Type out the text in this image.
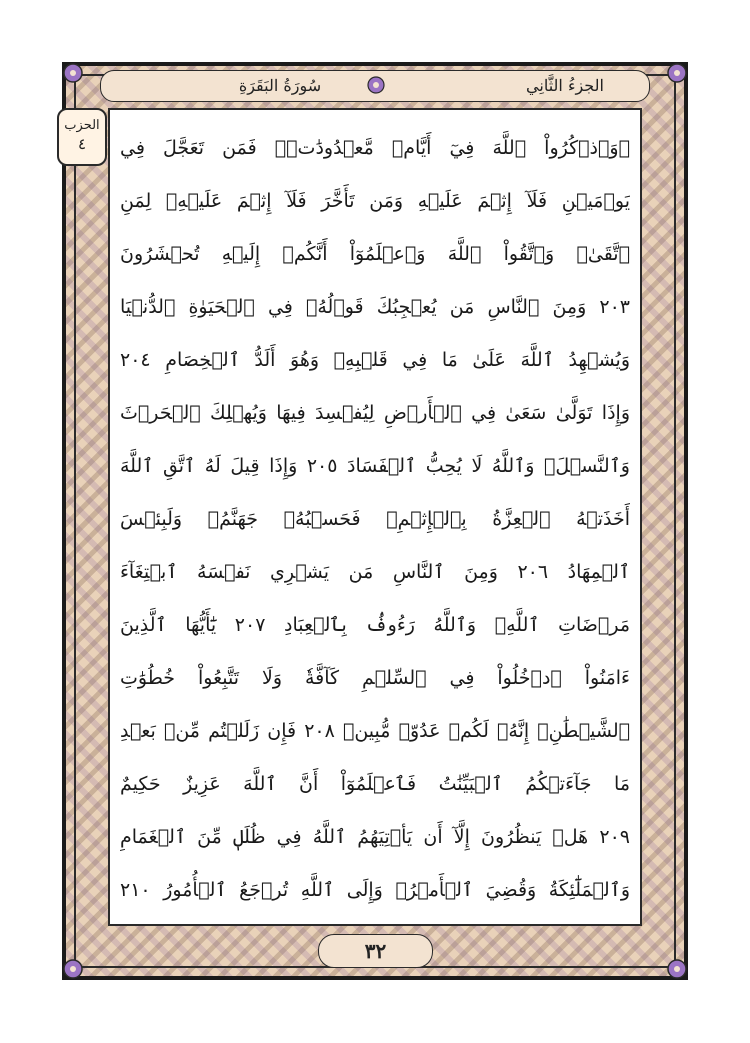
الجزءُ الثَّانِي
سُورَةُ البَقَرَةِ
الحزب
٤	۞وَٱذۡكُرُواْ ٱللَّهَ فِيٓ أَيَّامٖ مَّعۡدُودَٰتٖۚ فَمَن تَعَجَّلَ فِي
يَوۡمَيۡنِ فَلَآ إِثۡمَ عَلَيۡهِ وَمَن تَأَخَّرَ فَلَآ إِثۡمَ عَلَيۡهِۖ لِمَنِ
ٱتَّقَىٰۗ وَٱتَّقُواْ ٱللَّهَ وَٱعۡلَمُوٓاْ أَنَّكُمۡ إِلَيۡهِ تُحۡشَرُونَ
٢٠٣ وَمِنَ ٱلنَّاسِ مَن يُعۡجِبُكَ قَوۡلُهُۥ فِي ٱلۡحَيَوٰةِ ٱلدُّنۡيَا
وَيُشۡهِدُ ٱللَّهَ عَلَىٰ مَا فِي قَلۡبِهِۦ وَهُوَ أَلَدُّ ٱلۡخِصَامِ ٢٠٤
وَإِذَا تَوَلَّىٰ سَعَىٰ فِي ٱلۡأَرۡضِ لِيُفۡسِدَ فِيهَا وَيُهۡلِكَ ٱلۡحَرۡثَ
وَٱلنَّسۡلَۚ وَٱللَّهُ لَا يُحِبُّ ٱلۡفَسَادَ ٢٠٥ وَإِذَا قِيلَ لَهُ ٱتَّقِ ٱللَّهَ
أَخَذَتۡهُ ٱلۡعِزَّةُ بِٱلۡإِثۡمِۚ فَحَسۡبُهُۥ جَهَنَّمُۖ وَلَبِئۡسَ
ٱلۡمِهَادُ ٢٠٦ وَمِنَ ٱلنَّاسِ مَن يَشۡرِي نَفۡسَهُ ٱبۡتِغَآءَ
مَرۡضَاتِ ٱللَّهِۚ وَٱللَّهُ رَءُوفُۢ بِٱلۡعِبَادِ ٢٠٧ يَٰٓأَيُّهَا ٱلَّذِينَ
ءَامَنُواْ ٱدۡخُلُواْ فِي ٱلسِّلۡمِ كَآفَّةٗ وَلَا تَتَّبِعُواْ خُطُوَٰتِ
ٱلشَّيۡطَٰنِۚ إِنَّهُۥ لَكُمۡ عَدُوّٞ مُّبِينٞ ٢٠٨ فَإِن زَلَلۡتُم مِّنۢ بَعۡدِ
مَا جَآءَتۡكُمُ ٱلۡبَيِّنَٰتُ فَٱعۡلَمُوٓاْ أَنَّ ٱللَّهَ عَزِيزٌ حَكِيمٌ
٢٠٩ هَلۡ يَنظُرُونَ إِلَّآ أَن يَأۡتِيَهُمُ ٱللَّهُ فِي ظُلَلٖ مِّنَ ٱلۡغَمَامِ
وَٱلۡمَلَٰٓئِكَةُ وَقُضِيَ ٱلۡأَمۡرُۚ وَإِلَى ٱللَّهِ تُرۡجَعُ ٱلۡأُمُورُ ٢١٠
٣٢
